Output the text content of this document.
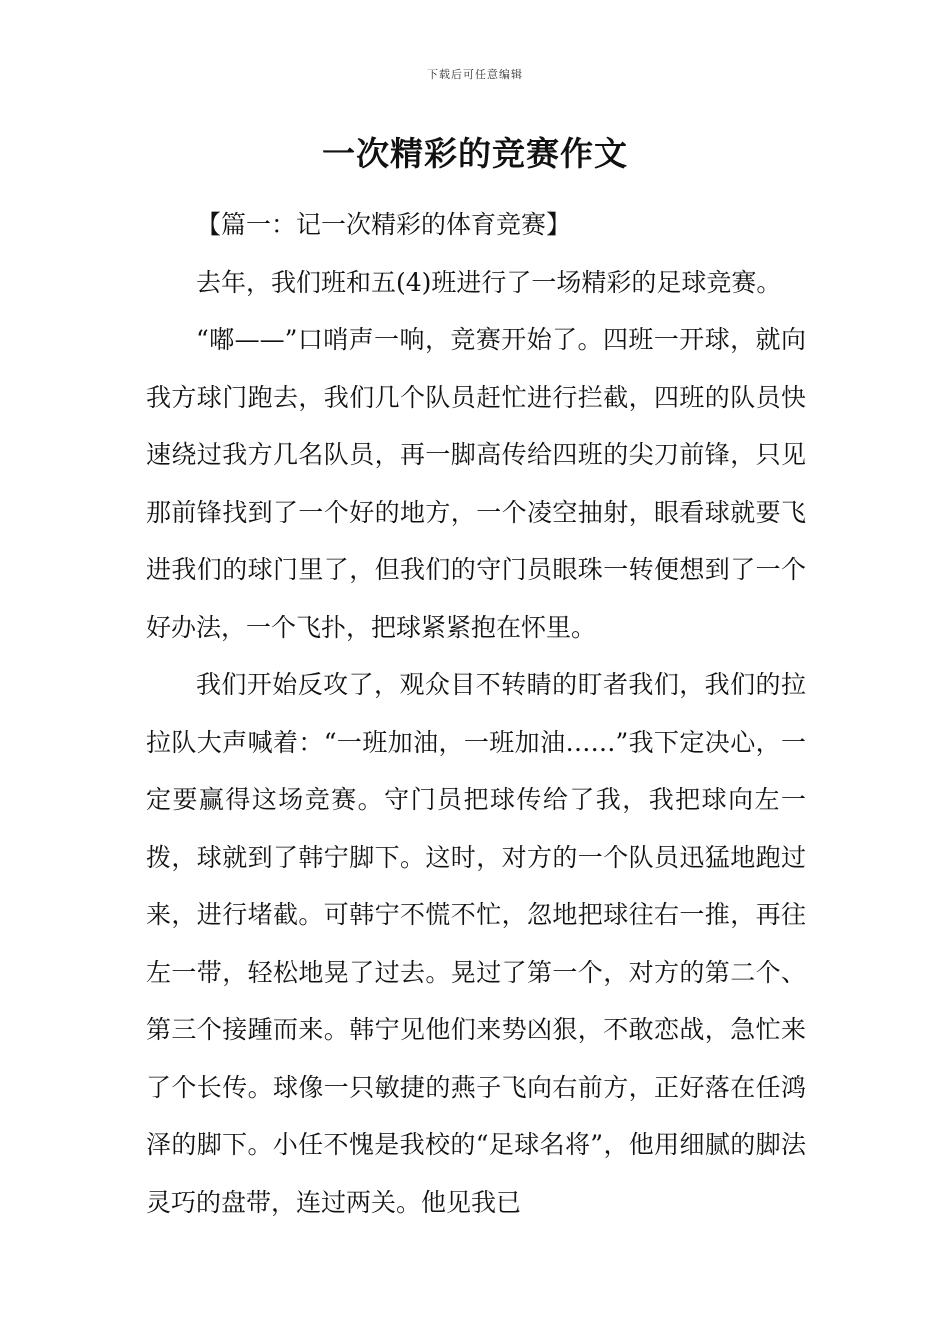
下载后可任意编辑
一次精彩的竞赛作文

【篇一：记一次精彩的体育竞赛】

去年，我们班和五(4)班进行了一场精彩的足球竞赛。

“嘟——”口哨声一响，竞赛开始了。四班一开球，就向我方球门跑去，我们几个队员赶忙进行拦截，四班的队员快速绕过我方几名队员，再一脚高传给四班的尖刀前锋，只见那前锋找到了一个好的地方，一个凌空抽射，眼看球就要飞进我们的球门里了，但我们的守门员眼珠一转便想到了一个好办法，一个飞扑，把球紧紧抱在怀里。

我们开始反攻了，观众目不转睛的盯者我们，我们的拉拉队大声喊着：“一班加油，一班加油……”我下定决心，一定要赢得这场竞赛。守门员把球传给了我，我把球向左一拨，球就到了韩宁脚下。这时，对方的一个队员迅猛地跑过来，进行堵截。可韩宁不慌不忙，忽地把球往右一推，再往左一带，轻松地晃了过去。晃过了第一个，对方的第二个、第三个接踵而来。韩宁见他们来势凶狠，不敢恋战，急忙来了个长传。球像一只敏捷的燕子飞向右前方，正好落在任鸿泽的脚下。小任不愧是我校的“足球名将”，他用细腻的脚法灵巧的盘带，连过两关。他见我已
